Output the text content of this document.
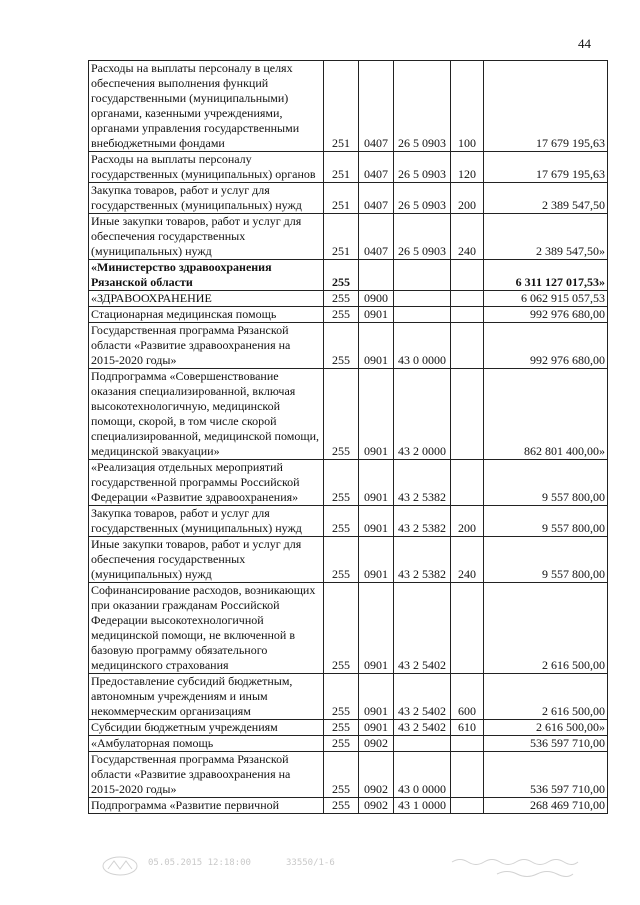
44
Расходы на выплаты персоналу в целях обеспечения выполнения функций государственными (муниципальными) органами, казенными учреждениями, органами управления государственными внебюджетными фондами	251	0407	26 5 0903	100	17 679 195,63
Расходы на выплаты персоналу государственных (муниципальных) органов	251	0407	26 5 0903	120	17 679 195,63
Закупка товаров, работ и услуг для государственных (муниципальных) нужд	251	0407	26 5 0903	200	2 389 547,50
Иные закупки товаров, работ и услуг для обеспечения государственных (муниципальных) нужд	251	0407	26 5 0903	240	2 389 547,50»
«Министерство здравоохранения Рязанской области	255				6 311 127 017,53»
«ЗДРАВООХРАНЕНИЕ	255	0900			6 062 915 057,53
Стационарная медицинская помощь	255	0901			992 976 680,00
Государственная программа Рязанской области «Развитие здравоохранения на 2015-2020 годы»	255	0901	43 0 0000		992 976 680,00
Подпрограмма «Совершенствование оказания специализированной, включая высокотехнологичную, медицинской помощи, скорой, в том числе скорой специализированной, медицинской помощи, медицинской эвакуации»	255	0901	43 2 0000		862 801 400,00»
«Реализация отдельных мероприятий государственной программы Российской Федерации «Развитие здравоохранения»	255	0901	43 2 5382		9 557 800,00
Закупка товаров, работ и услуг для государственных (муниципальных) нужд	255	0901	43 2 5382	200	9 557 800,00
Иные закупки товаров, работ и услуг для обеспечения государственных (муниципальных) нужд	255	0901	43 2 5382	240	9 557 800,00
Софинансирование расходов, возникающих при оказании гражданам Российской Федерации высокотехнологичной медицинской помощи, не включенной в базовую программу обязательного медицинского страхования	255	0901	43 2 5402		2 616 500,00
Предоставление субсидий бюджетным, автономным учреждениям и иным некоммерческим организациям	255	0901	43 2 5402	600	2 616 500,00
Субсидии бюджетным учреждениям	255	0901	43 2 5402	610	2 616 500,00»
«Амбулаторная помощь	255	0902			536 597 710,00
Государственная программа Рязанской области «Развитие здравоохранения на 2015-2020 годы»	255	0902	43 0 0000		536 597 710,00
Подпрограмма «Развитие первичной	255	0902	43 1 0000		268 469 710,00
05.05.2015 12:18:00	33550/1-6
